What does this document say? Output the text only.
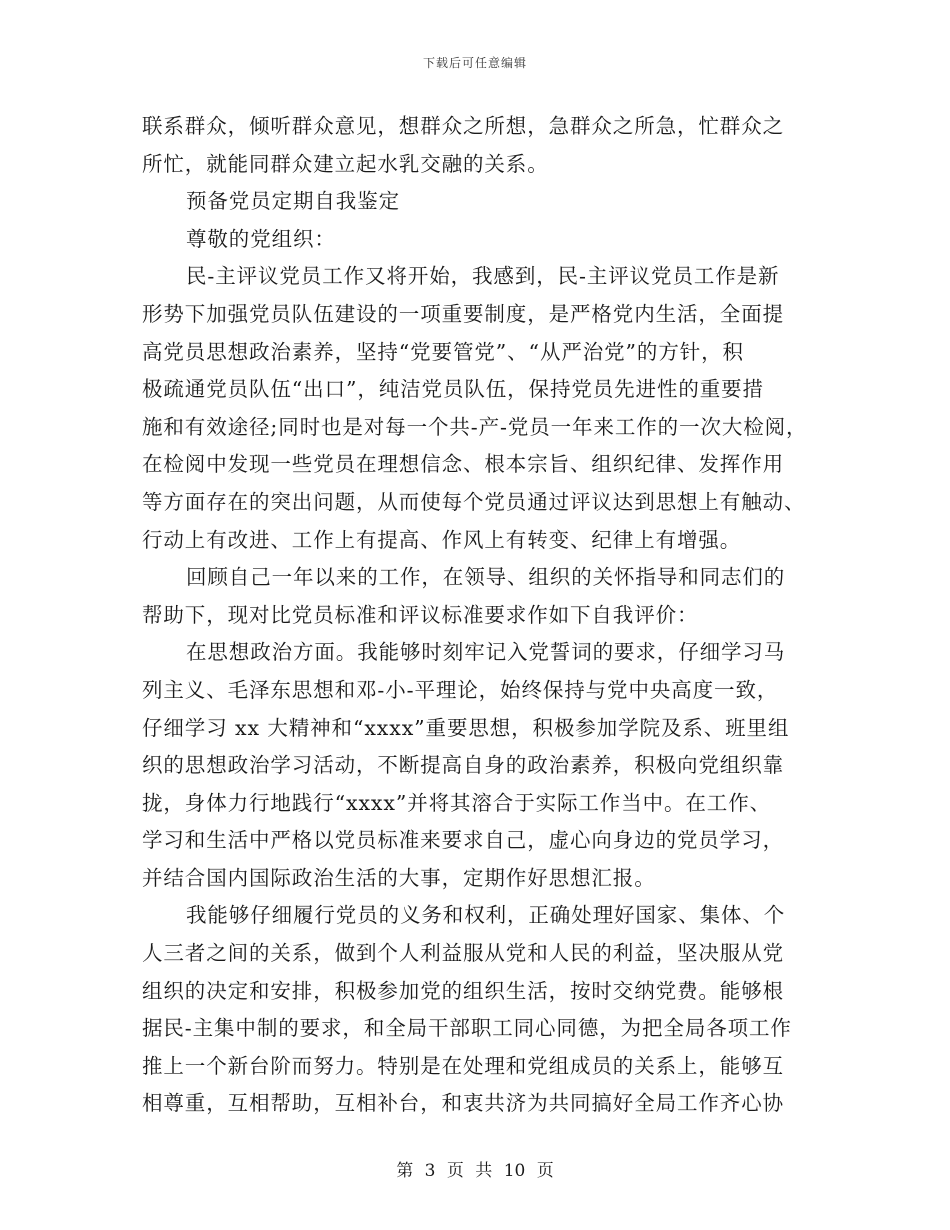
下载后可任意编辑
联系群众，倾听群众意见，想群众之所想，急群众之所急，忙群众之
所忙，就能同群众建立起水乳交融的关系。
预备党员定期自我鉴定
尊敬的党组织：
民-主评议党员工作又将开始，我感到，民-主评议党员工作是新
形势下加强党员队伍建设的一项重要制度，是严格党内生活，全面提
高党员思想政治素养，坚持“党要管党”、“从严治党”的方针，积
极疏通党员队伍“出口”，纯洁党员队伍，保持党员先进性的重要措
施和有效途径;同时也是对每一个共-产-党员一年来工作的一次大检阅，
在检阅中发现一些党员在理想信念、根本宗旨、组织纪律、发挥作用
等方面存在的突出问题，从而使每个党员通过评议达到思想上有触动、
行动上有改进、工作上有提高、作风上有转变、纪律上有增强。
回顾自己一年以来的工作，在领导、组织的关怀指导和同志们的
帮助下，现对比党员标准和评议标准要求作如下自我评价：
在思想政治方面。我能够时刻牢记入党誓词的要求，仔细学习马
列主义、毛泽东思想和邓-小-平理论，始终保持与党中央高度一致，
仔细学习 xx 大精神和“xxxx”重要思想，积极参加学院及系、班里组
织的思想政治学习活动，不断提高自身的政治素养，积极向党组织靠
拢，身体力行地践行“xxxx”并将其溶合于实际工作当中。在工作、
学习和生活中严格以党员标准来要求自己，虚心向身边的党员学习，
并结合国内国际政治生活的大事，定期作好思想汇报。
我能够仔细履行党员的义务和权利，正确处理好国家、集体、个
人三者之间的关系，做到个人利益服从党和人民的利益，坚决服从党
组织的决定和安排，积极参加党的组织生活，按时交纳党费。能够根
据民-主集中制的要求，和全局干部职工同心同德，为把全局各项工作
推上一个新台阶而努力。特别是在处理和党组成员的关系上，能够互
相尊重，互相帮助，互相补台，和衷共济为共同搞好全局工作齐心协
第 3 页 共 10 页
